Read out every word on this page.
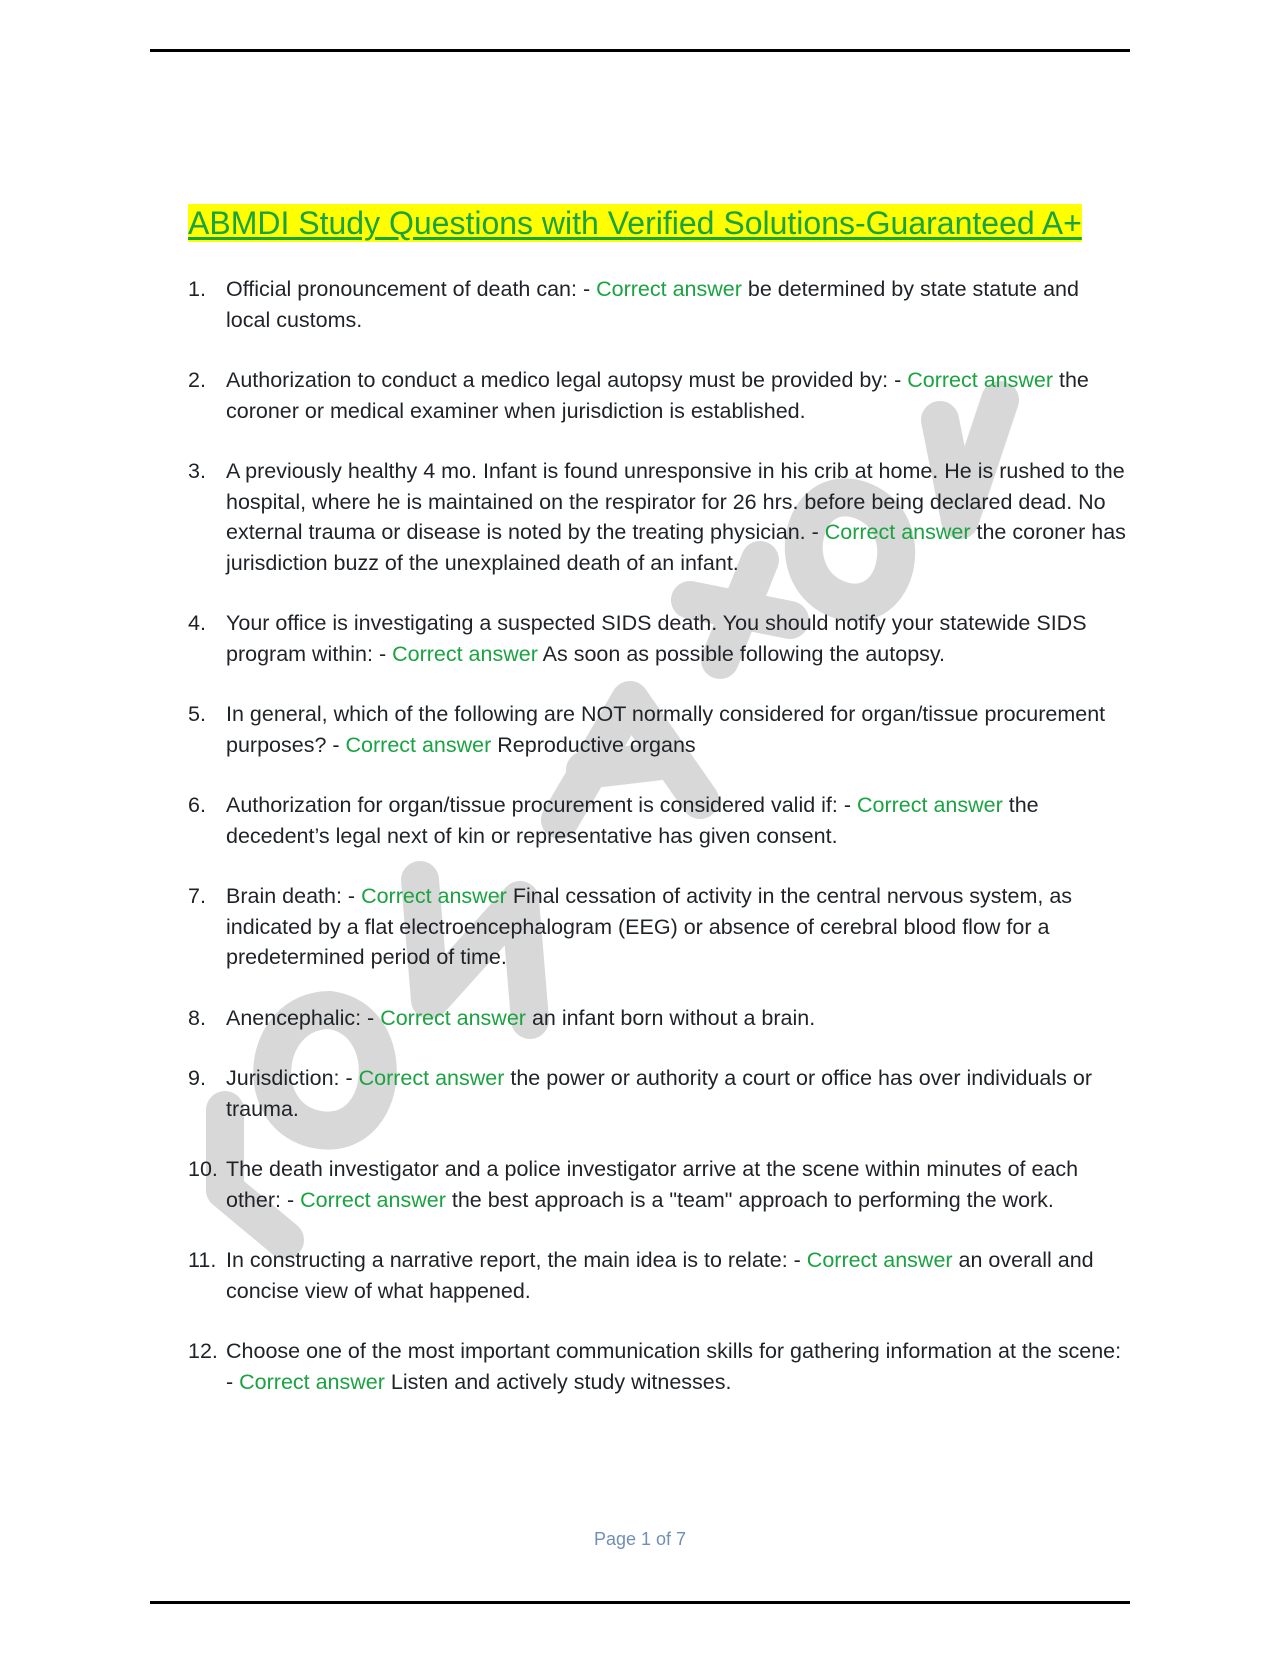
ABMDI Study Questions with Verified Solutions-Guaranteed A+
1. Official pronouncement of death can: - Correct answer be determined by state statute and local customs.
2. Authorization to conduct a medico legal autopsy must be provided by: - Correct answer the coroner or medical examiner when jurisdiction is established.
3. A previously healthy 4 mo. Infant is found unresponsive in his crib at home. He is rushed to the hospital, where he is maintained on the respirator for 26 hrs. before being declared dead. No external trauma or disease is noted by the treating physician. - Correct answer the coroner has jurisdiction buzz of the unexplained death of an infant.
4. Your office is investigating a suspected SIDS death. You should notify your statewide SIDS program within: - Correct answer As soon as possible following the autopsy.
5. In general, which of the following are NOT normally considered for organ/tissue procurement purposes? - Correct answer Reproductive organs
6. Authorization for organ/tissue procurement is considered valid if: - Correct answer the decedent’s legal next of kin or representative has given consent.
7. Brain death: - Correct answer Final cessation of activity in the central nervous system, as indicated by a flat electroencephalogram (EEG) or absence of cerebral blood flow for a predetermined period of time.
8. Anencephalic: - Correct answer an infant born without a brain.
9. Jurisdiction: - Correct answer the power or authority a court or office has over individuals or trauma.
10. The death investigator and a police investigator arrive at the scene within minutes of each other: - Correct answer the best approach is a "team" approach to performing the work.
11. In constructing a narrative report, the main idea is to relate: - Correct answer an overall and concise view of what happened.
12. Choose one of the most important communication skills for gathering information at the scene: - Correct answer Listen and actively study witnesses.
Page 1 of 7
